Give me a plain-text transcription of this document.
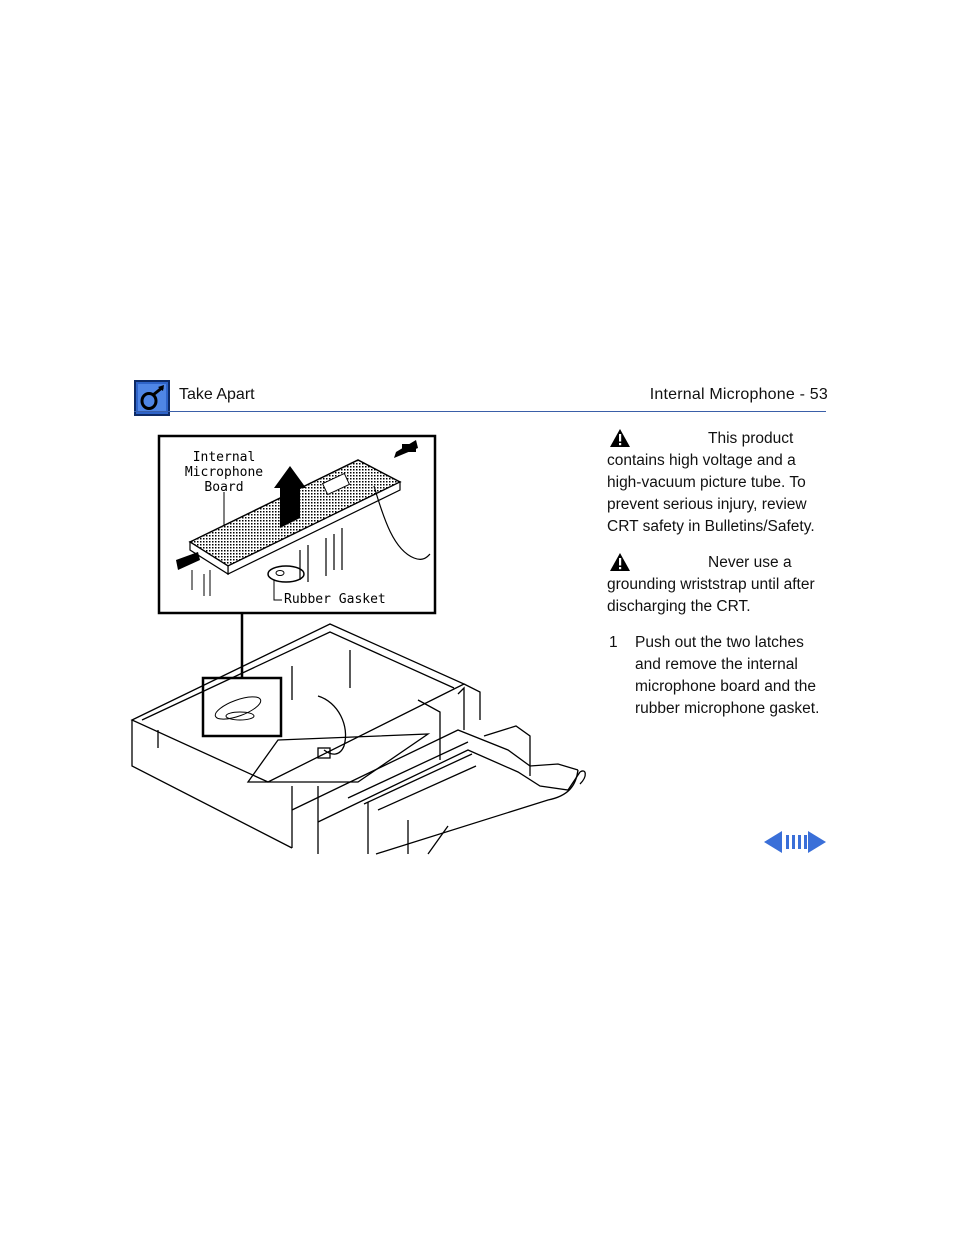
Take Apart	Internal Microphone - 53
Internal
Microphone
Board
Rubber Gasket
This product
contains high voltage and a high-vacuum picture tube. To prevent serious injury, review CRT safety in Bulletins/Safety.
Never use a
grounding wriststrap until after discharging the CRT.
1 Push out the two latches and remove the internal microphone board and the rubber microphone gasket.
